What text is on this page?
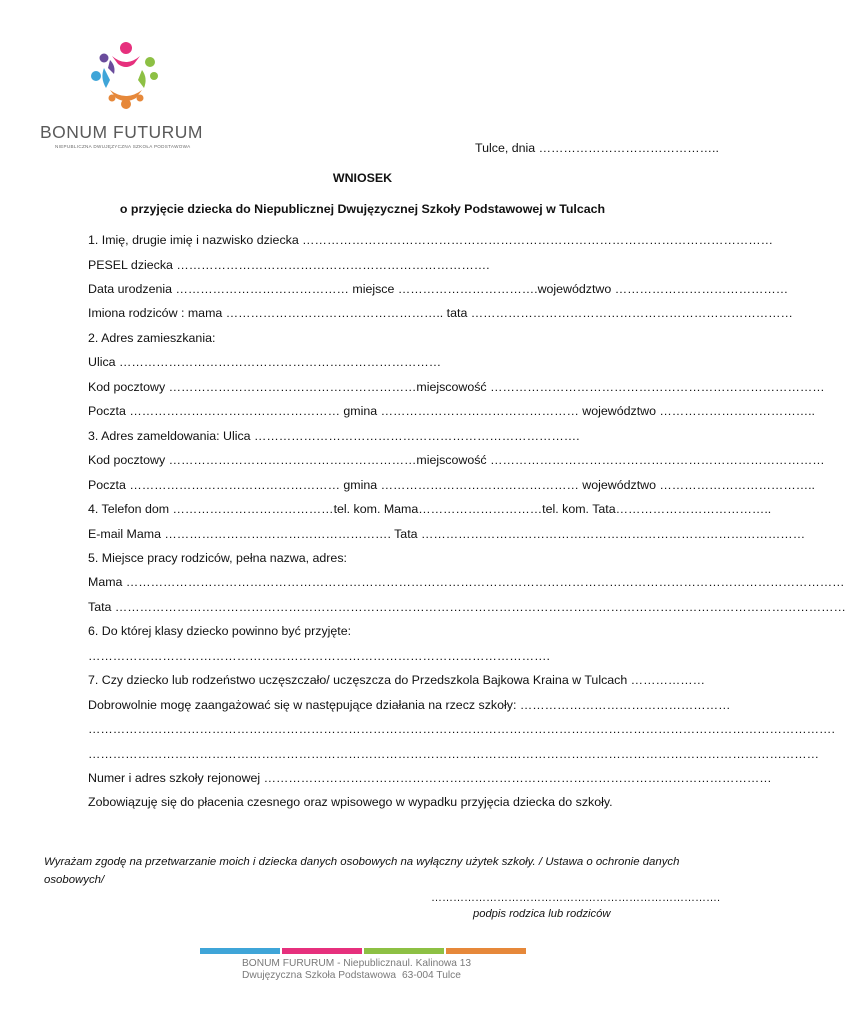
BONUM FUTURUM
NIEPUBLICZNA DWUJĘZYCZNA SZKOŁA PODSTAWOWA	Tulce, dnia ……………………………………..
WNIOSEK
o przyjęcie dziecka do Niepublicznej Dwujęzycznej Szkoły Podstawowej w Tulcach
1. Imię, drugie imię i nazwisko dziecka ……………………………………………………………………………………………………
PESEL dziecka ………………………………………………………………….
Data urodzenia …………………………………… miejsce …………………………….województwo ……………………………………
Imiona rodziców : mama …………………………………………….. tata ……………………………………………………………………
2. Adres zamieszkania:
Ulica ……………………………………………………………………
Kod pocztowy ……………………………………………………miejscowość ………………………………………………………………………
Poczta …………………………………………… gmina ………………………………………… województwo ………………………………..
3. Adres zameldowania: Ulica …………………………………………………………………….
Kod pocztowy ……………………………………………………miejscowość ………………………………………………………………………
Poczta …………………………………………… gmina ………………………………………… województwo ………………………………..
4. Telefon dom …………………………………tel. kom. Mama…………………………tel. kom. Tata………………………………..
E-mail Mama ………………………………………………. Tata …………………………………………………………………………………
5. Miejsce pracy rodziców, pełna nazwa, adres:
Mama …………………………………………………………………………………………………………………………………………………………
Tata ……………………………………………………………………………………………………………………………………………………………
6. Do której klasy dziecko powinno być przyjęte:
………………………………………………………………………………………………….
7. Czy dziecko lub rodzeństwo uczęszczało/ uczęszcza do Przedszkola Bajkowa Kraina w Tulcach ………………
Dobrowolnie mogę zaangażować się w następujące działania na rzecz szkoły: ……………………………………………
……………………………………………………………………………………………………………………………………………………………….
……………………………………………………………………………………………………………………………………………………………
Numer i adres szkoły rejonowej ……………………………………………………………………………………………………………
Zobowiązuję się do płacenia czesnego oraz wpisowego w wypadku przyjęcia dziecka do szkoły.
Wyrażam zgodę na przetwarzanie moich i dziecka danych osobowych na wyłączny użytek szkoły. / Ustawa o ochronie danych
osobowych/
…………………………………………………………………….
podpis rodzica lub rodziców
BONUM FURURUM - Niepubliczna
Dwujęzyczna Szkoła Podstawowa
ul. Kalinowa 13
63-004 Tulce
